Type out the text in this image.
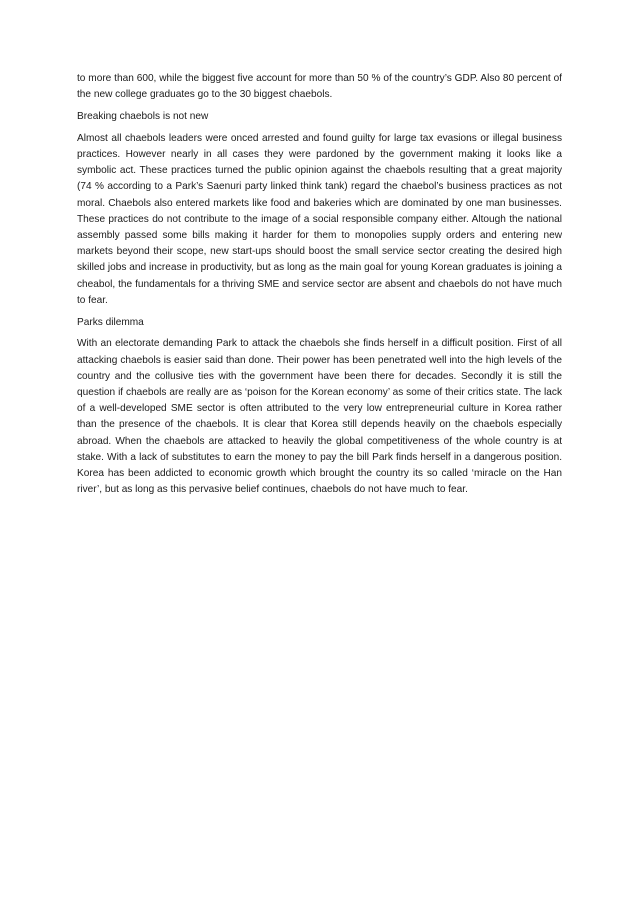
to more than 600, while the biggest five account for more than 50 % of the country’s GDP. Also 80 percent of the new college graduates go to the 30 biggest chaebols.

Breaking chaebols is not new

Almost all chaebols leaders were onced arrested and found guilty for large tax evasions or illegal business practices. However nearly in all cases they were pardoned by the government making it looks like a symbolic act. These practices turned the public opinion against the chaebols resulting that a great majority (74 % according to a Park’s Saenuri party linked think tank) regard the chaebol’s business practices as not moral. Chaebols also entered markets like food and bakeries which are dominated by one man businesses. These practices do not contribute to the image of a social responsible company either. Altough the national assembly passed some bills making it harder for them to monopolies supply orders and entering new markets beyond their scope, new start-ups should boost the small service sector creating the desired high skilled jobs and increase in productivity, but as long as the main goal for young Korean graduates is joining a cheabol, the fundamentals for a thriving SME and service sector are absent and chaebols do not have much to fear.

Parks dilemma

With an electorate demanding Park to attack the chaebols she finds herself in a difficult position. First of all attacking chaebols is easier said than done. Their power has been penetrated well into the high levels of the country and the collusive ties with the government have been there for decades. Secondly it is still the question if chaebols are really are as ‘poison for the Korean economy’ as some of their critics state. The lack of a well-developed SME sector is often attributed to the very low entrepreneurial culture in Korea rather than the presence of the chaebols. It is clear that Korea still depends heavily on the chaebols especially abroad. When the chaebols are attacked to heavily the global competitiveness of the whole country is at stake. With a lack of substitutes to earn the money to pay the bill Park finds herself in a dangerous position. Korea has been addicted to economic growth which brought the country its so called ‘miracle on the Han river’, but as long as this pervasive belief continues, chaebols do not have much to fear.
